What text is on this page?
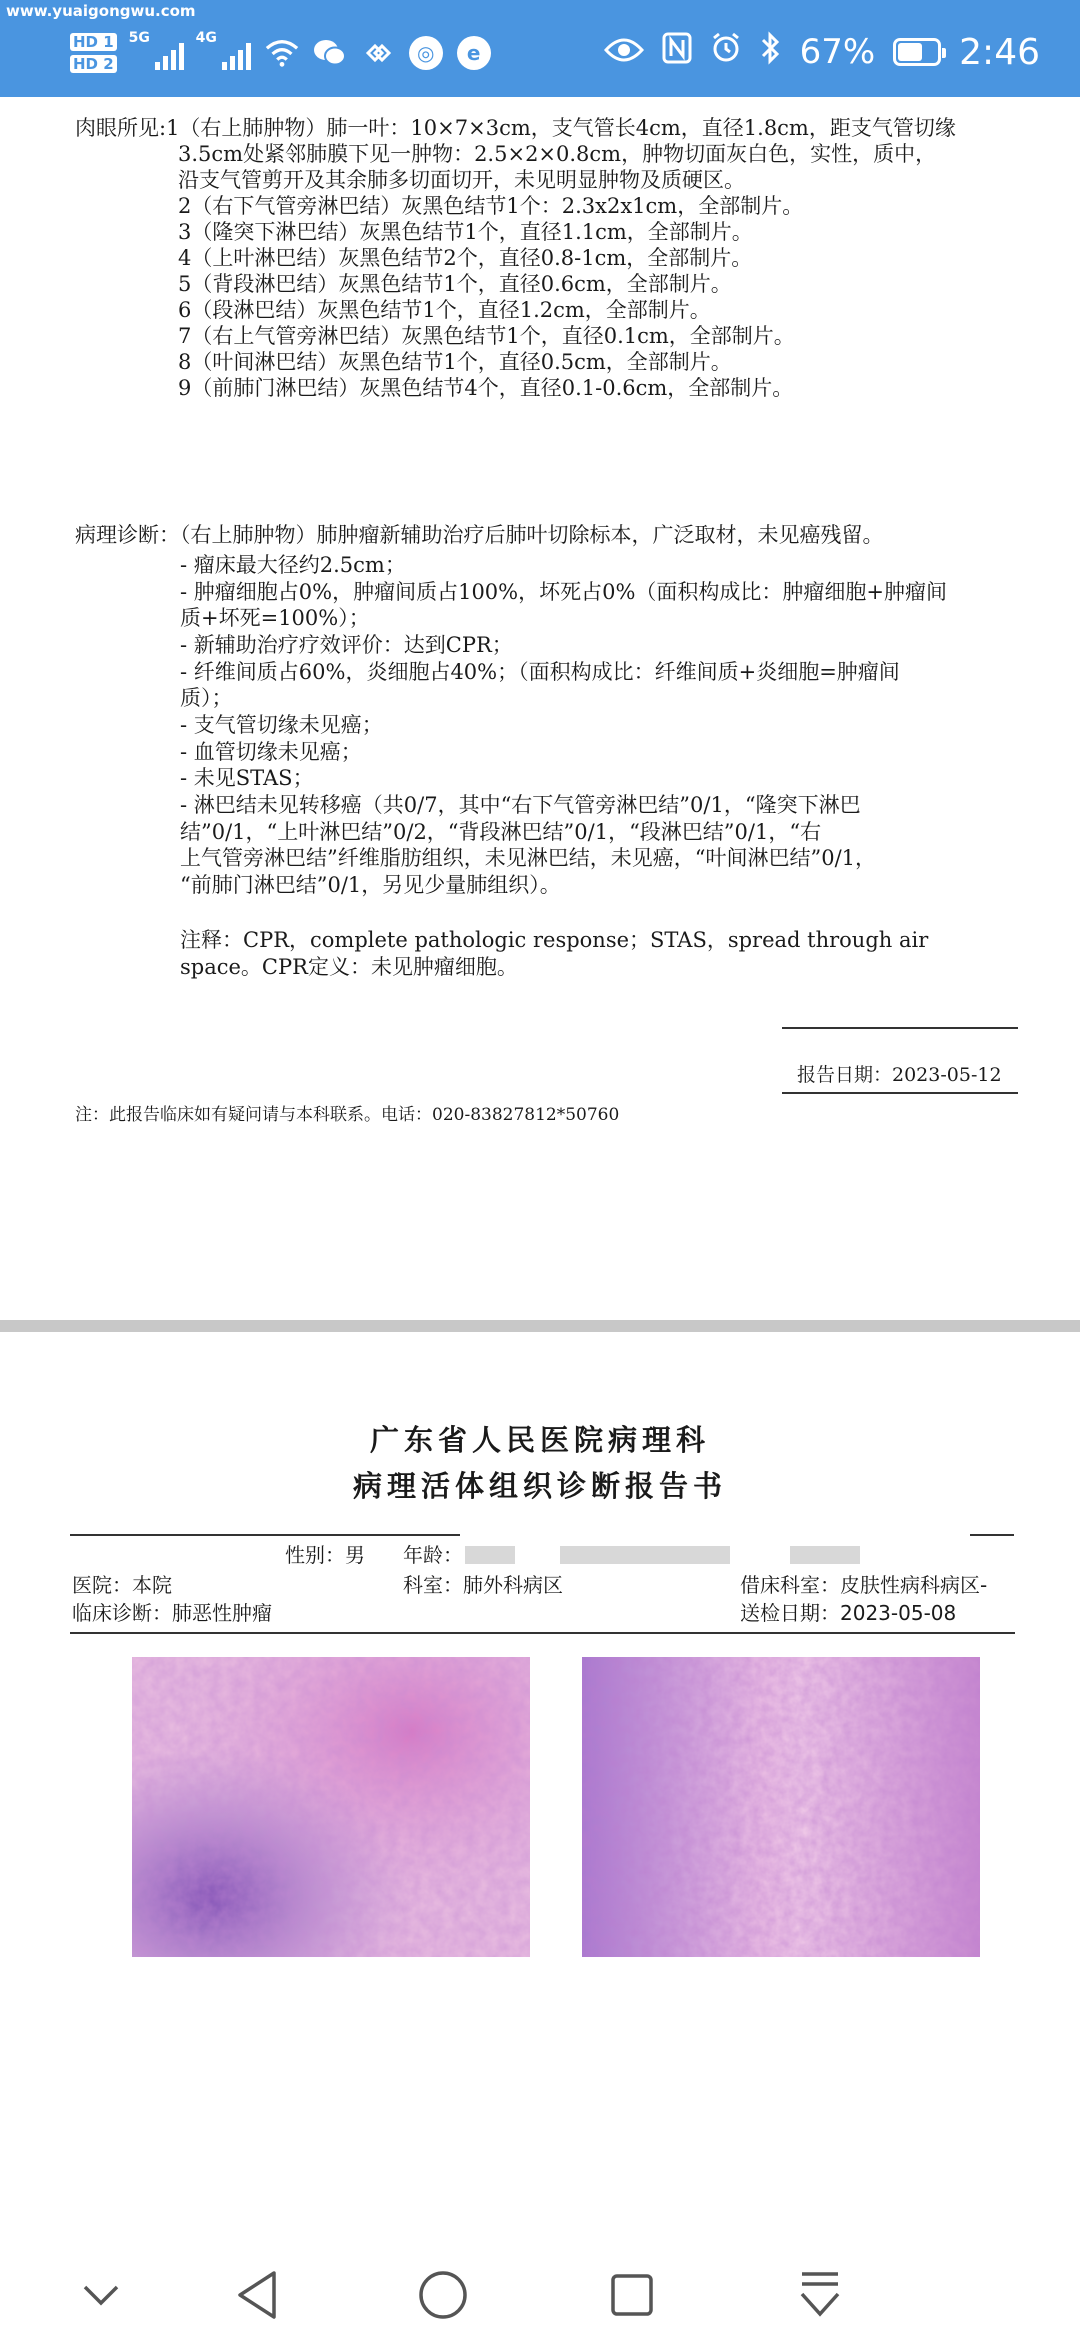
www.yuaigongwu.com
HD 1
HD 2
5G	4G
◎	e	67% 2:46
肉眼所见:1（右上肺肿物）肺一叶：10×7×3cm，支气管长4cm，直径1.8cm，距支气管切缘
3.5cm处紧邻肺膜下见一肿物：2.5×2×0.8cm，肿物切面灰白色，实性，质中，
沿支气管剪开及其余肺多切面切开，未见明显肿物及质硬区。
2（右下气管旁淋巴结）灰黑色结节1个：2.3x2x1cm，全部制片。
3（隆突下淋巴结）灰黑色结节1个，直径1.1cm，全部制片。
4（上叶淋巴结）灰黑色结节2个，直径0.8-1cm，全部制片。
5（背段淋巴结）灰黑色结节1个，直径0.6cm，全部制片。
6（段淋巴结）灰黑色结节1个，直径1.2cm，全部制片。
7（右上气管旁淋巴结）灰黑色结节1个，直径0.1cm，全部制片。
8（叶间淋巴结）灰黑色结节1个，直径0.5cm，全部制片。
9（前肺门淋巴结）灰黑色结节4个，直径0.1-0.6cm，全部制片。
病理诊断：（右上肺肿物）肺肿瘤新辅助治疗后肺叶切除标本，广泛取材，未见癌残留。
- 瘤床最大径约2.5cm；
- 肿瘤细胞占0%，肿瘤间质占100%，坏死占0%（面积构成比：肿瘤细胞+肿瘤间
质+坏死=100%）；
- 新辅助治疗疗效评价：达到CPR；
- 纤维间质占60%，炎细胞占40%；（面积构成比：纤维间质+炎细胞=肿瘤间
质）；
- 支气管切缘未见癌；
- 血管切缘未见癌；
- 未见STAS；
- 淋巴结未见转移癌（共0/7，其中“右下气管旁淋巴结”0/1，“隆突下淋巴
结”0/1，“上叶淋巴结”0/2，“背段淋巴结”0/1，“段淋巴结”0/1，“右
上气管旁淋巴结”纤维脂肪组织，未见淋巴结，未见癌，“叶间淋巴结”0/1，
“前肺门淋巴结”0/1，另见少量肺组织）。
注释：CPR，complete pathologic response；STAS，spread through air
space。CPR定义：未见肿瘤细胞。
报告日期：2023-05-12
注：此报告临床如有疑问请与本科联系。电话：020-83827812*50760
广东省人民医院病理科
病理活体组织诊断报告书
性别：男 年龄：
医院：本院	科室：肺外科病区	借床科室：皮肤性病科病区-
临床诊断：肺恶性肿瘤	送检日期：2023-05-08
